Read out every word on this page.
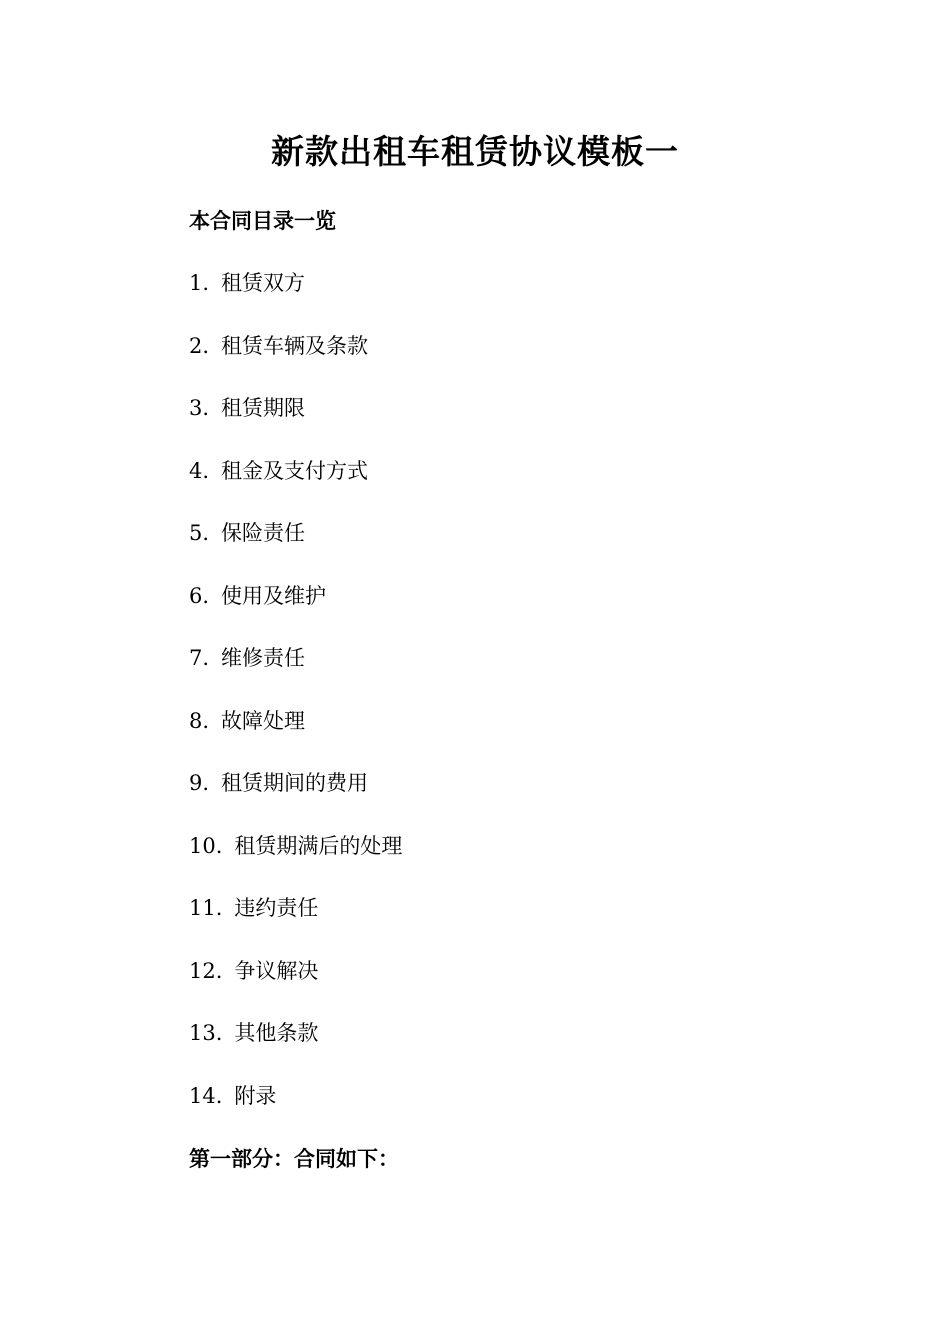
新款出租车租赁协议模板一
本合同目录一览
1. 租赁双方
2. 租赁车辆及条款
3. 租赁期限
4. 租金及支付方式
5. 保险责任
6. 使用及维护
7. 维修责任
8. 故障处理
9. 租赁期间的费用
10. 租赁期满后的处理
11. 违约责任
12. 争议解决
13. 其他条款
14. 附录
第一部分：合同如下：
